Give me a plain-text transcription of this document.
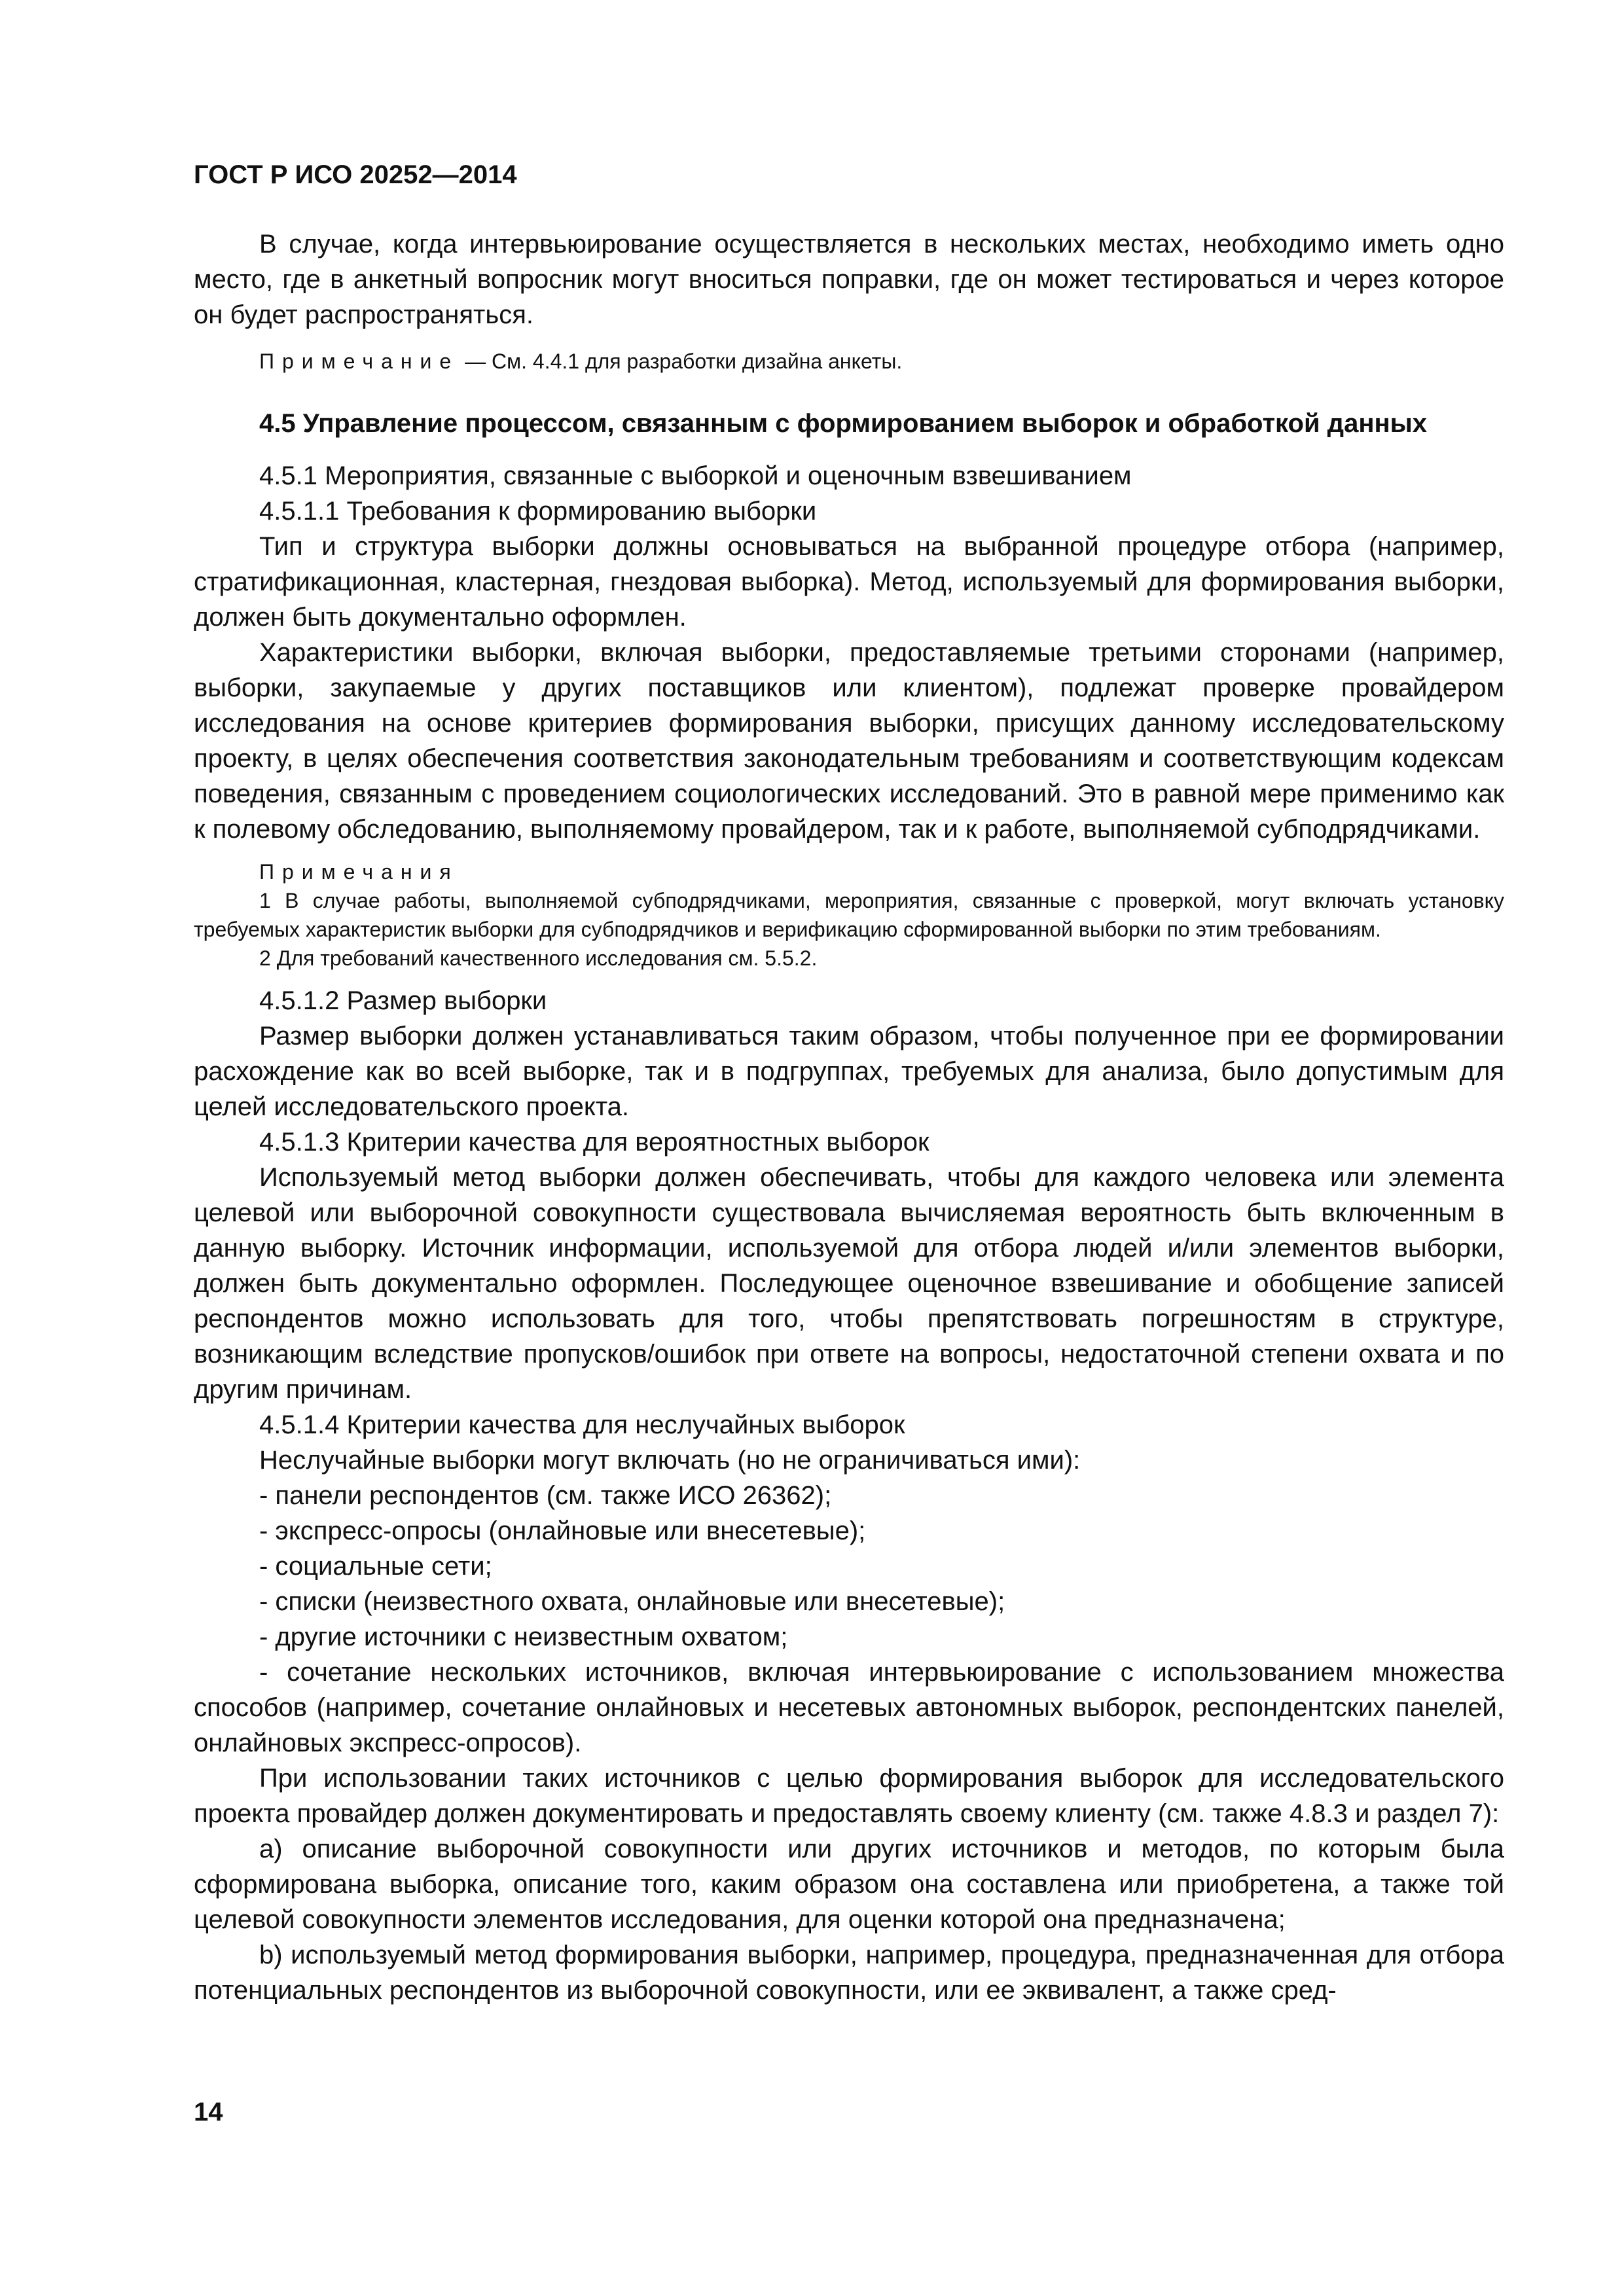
ГОСТ Р ИСО 20252—2014

В случае, когда интервьюирование осуществляется в нескольких местах, необходимо иметь одно место, где в анкетный вопросник могут вноситься поправки, где он может тестироваться и через которое он будет распространяться.

Примечание — См. 4.4.1 для разработки дизайна анкеты.

4.5 Управление процессом, связанным с формированием выборок и обработкой данных

4.5.1 Мероприятия, связанные с выборкой и оценочным взвешиванием

4.5.1.1 Требования к формированию выборки

Тип и структура выборки должны основываться на выбранной процедуре отбора (например, стратификационная, кластерная, гнездовая выборка). Метод, используемый для формирования выборки, должен быть документально оформлен.

Характеристики выборки, включая выборки, предоставляемые третьими сторонами (например, выборки, закупаемые у других поставщиков или клиентом), подлежат проверке провайдером исследования на основе критериев формирования выборки, присущих данному исследовательскому проекту, в целях обеспечения соответствия законодательным требованиям и соответствующим кодексам поведения, связанным с проведением социологических исследований. Это в равной мере применимо как к полевому обследованию, выполняемому провайдером, так и к работе, выполняемой субподрядчиками.

Примечания

1 В случае работы, выполняемой субподрядчиками, мероприятия, связанные с проверкой, могут включать установку требуемых характеристик выборки для субподрядчиков и верификацию сформированной выборки по этим требованиям.

2 Для требований качественного исследования см. 5.5.2.

4.5.1.2 Размер выборки

Размер выборки должен устанавливаться таким образом, чтобы полученное при ее формировании расхождение как во всей выборке, так и в подгруппах, требуемых для анализа, было допустимым для целей исследовательского проекта.

4.5.1.3 Критерии качества для вероятностных выборок

Используемый метод выборки должен обеспечивать, чтобы для каждого человека или элемента целевой или выборочной совокупности существовала вычисляемая вероятность быть включенным в данную выборку. Источник информации, используемой для отбора людей и/или элементов выборки, должен быть документально оформлен. Последующее оценочное взвешивание и обобщение записей респондентов можно использовать для того, чтобы препятствовать погрешностям в структуре, возникающим вследствие пропусков/ошибок при ответе на вопросы, недостаточной степени охвата и по другим причинам.

4.5.1.4 Критерии качества для неслучайных выборок

Неслучайные выборки могут включать (но не ограничиваться ими):

- панели респондентов (см. также ИСО 26362);

- экспресс-опросы (онлайновые или внесетевые);

- социальные сети;

- списки (неизвестного охвата, онлайновые или внесетевые);

- другие источники с неизвестным охватом;

- сочетание нескольких источников, включая интервьюирование с использованием множества способов (например, сочетание онлайновых и несетевых автономных выборок, респондентских панелей, онлайновых экспресс-опросов).

При использовании таких источников с целью формирования выборок для исследовательского проекта провайдер должен документировать и предоставлять своему клиенту (см. также 4.8.3 и раздел 7):

a) описание выборочной совокупности или других источников и методов, по которым была сформирована выборка, описание того, каким образом она составлена или приобретена, а также той целевой совокупности элементов исследования, для оценки которой она предназначена;

b) используемый метод формирования выборки, например, процедура, предназначенная для отбора потенциальных респондентов из выборочной совокупности, или ее эквивалент, а также сред-

14
